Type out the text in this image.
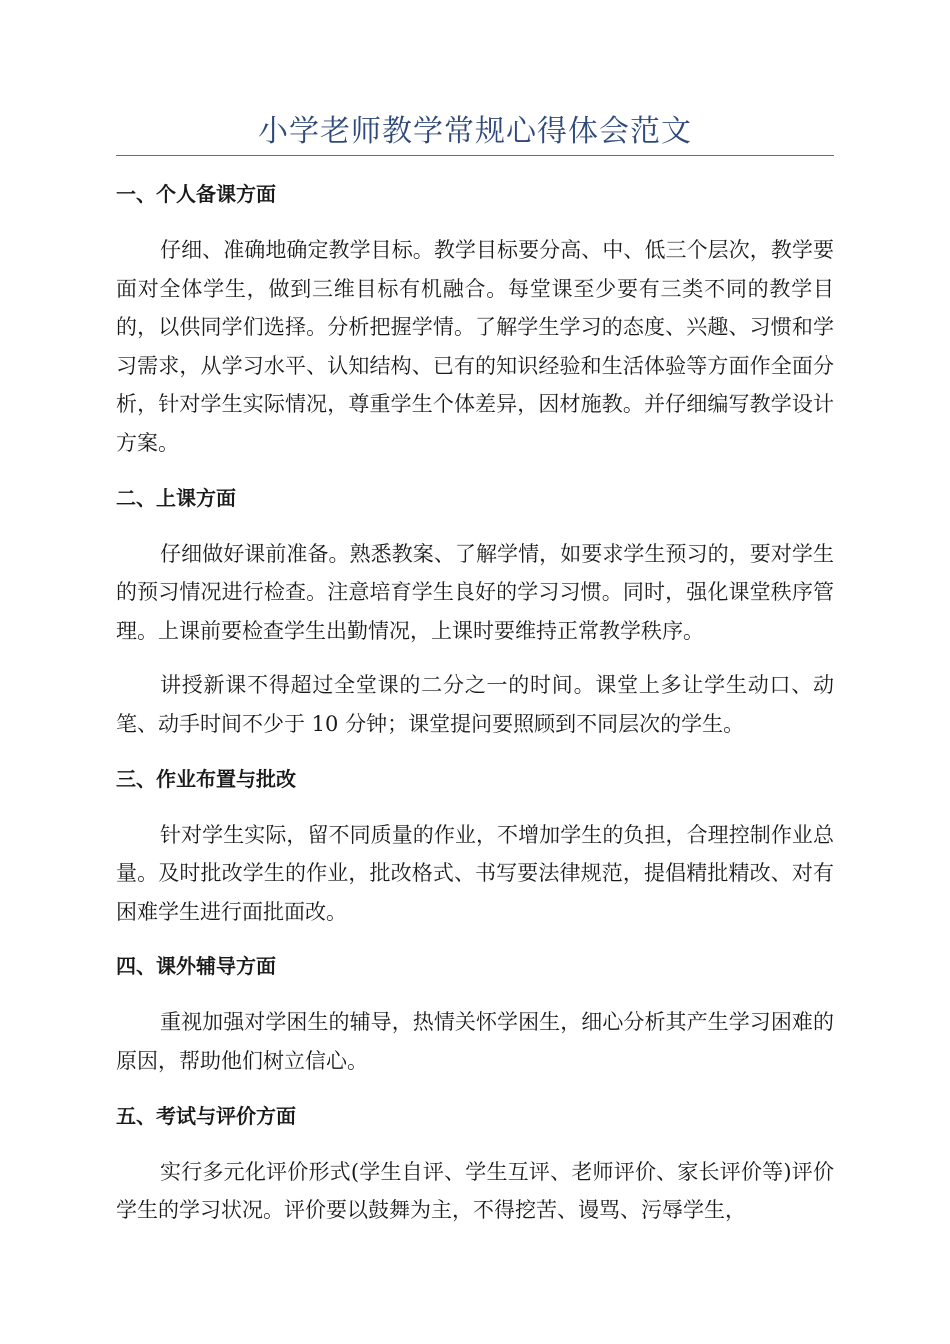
小学老师教学常规心得体会范文
一、个人备课方面

仔细、准确地确定教学目标。教学目标要分高、中、低三个层次，教学要面对全体学生，做到三维目标有机融合。每堂课至少要有三类不同的教学目的，以供同学们选择。分析把握学情。了解学生学习的态度、兴趣、习惯和学习需求，从学习水平、认知结构、已有的知识经验和生活体验等方面作全面分析，针对学生实际情况，尊重学生个体差异，因材施教。并仔细编写教学设计方案。

二、上课方面

仔细做好课前准备。熟悉教案、了解学情，如要求学生预习的，要对学生的预习情况进行检查。注意培育学生良好的学习习惯。同时，强化课堂秩序管理。上课前要检查学生出勤情况，上课时要维持正常教学秩序。

讲授新课不得超过全堂课的二分之一的时间。课堂上多让学生动口、动笔、动手时间不少于 10 分钟；课堂提问要照顾到不同层次的学生。

三、作业布置与批改

针对学生实际，留不同质量的作业，不增加学生的负担，合理控制作业总量。及时批改学生的作业，批改格式、书写要法律规范，提倡精批精改、对有困难学生进行面批面改。

四、课外辅导方面

重视加强对学困生的辅导，热情关怀学困生，细心分析其产生学习困难的原因，帮助他们树立信心。

五、考试与评价方面

实行多元化评价形式(学生自评、学生互评、老师评价、家长评价等)评价学生的学习状况。评价要以鼓舞为主，不得挖苦、谩骂、污辱学生，
